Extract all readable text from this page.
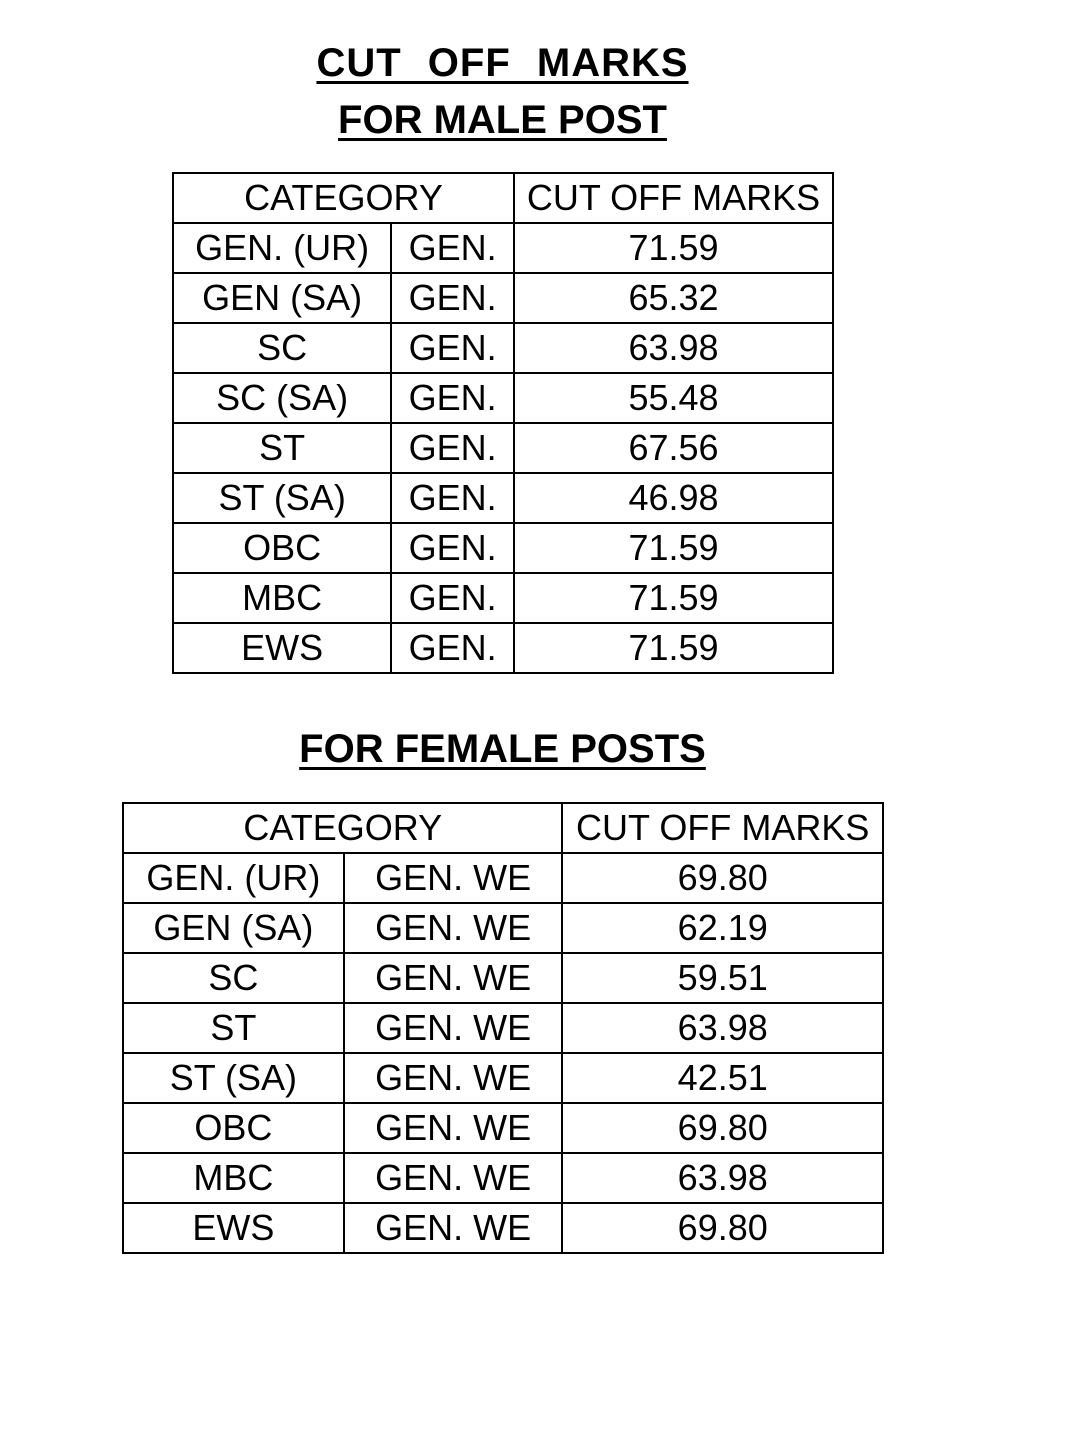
CUT OFF MARKS
FOR MALE POST
CATEGORY		CUT OFF MARKS
GEN. (UR)	GEN.	71.59
GEN (SA)	GEN.	65.32
SC	GEN.	63.98
SC (SA)	GEN.	55.48
ST	GEN.	67.56
ST (SA)	GEN.	46.98
OBC	GEN.	71.59
MBC	GEN.	71.59
EWS	GEN.	71.59
FOR FEMALE POSTS
CATEGORY		CUT OFF MARKS
GEN. (UR)	GEN. WE	69.80
GEN (SA)	GEN. WE	62.19
SC	GEN. WE	59.51
ST	GEN. WE	63.98
ST (SA)	GEN. WE	42.51
OBC	GEN. WE	69.80
MBC	GEN. WE	63.98
EWS	GEN. WE	69.80
